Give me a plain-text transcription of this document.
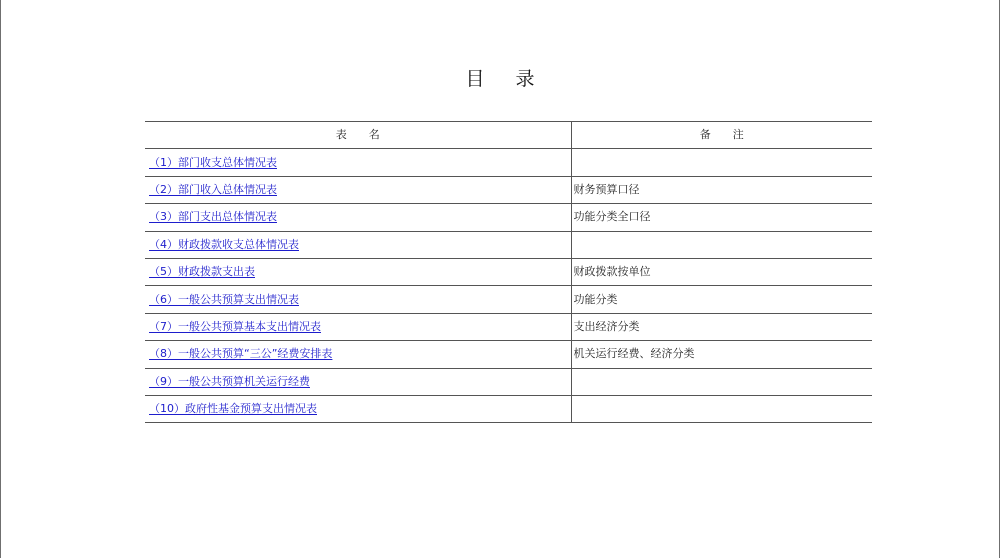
目 录
表 名	备 注
（1）部门收支总体情况表	
（2）部门收入总体情况表	财务预算口径
（3）部门支出总体情况表	功能分类全口径
（4）财政拨款收支总体情况表	
（5）财政拨款支出表	财政拨款按单位
（6）一般公共预算支出情况表	功能分类
（7）一般公共预算基本支出情况表	支出经济分类
（8）一般公共预算“三公”经费安排表	机关运行经费、经济分类
（9）一般公共预算机关运行经费	
（10）政府性基金预算支出情况表	
